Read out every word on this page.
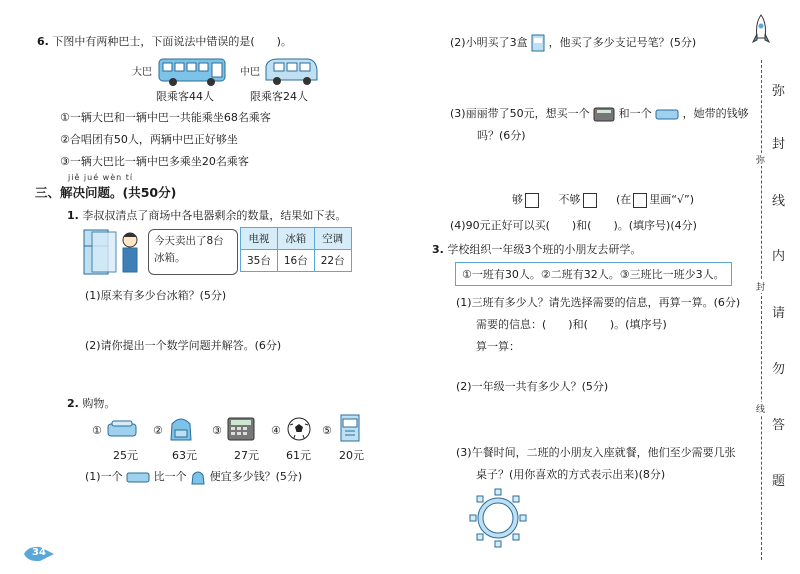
6. 下图中有两种巴士，下面说法中错误的是(　　)。
大巴	中巴
限乘客44人	限乘客24人
①一辆大巴和一辆中巴一共能乘坐68名乘客
②合唱团有50人，两辆中巴正好够坐
③一辆大巴比一辆中巴多乘坐20名乘客
jiě jué wèn tí
三、解决问题。(共50分)
1. 李叔叔清点了商场中各电器剩余的数量，结果如下表。
今天卖出了8台冰箱。
电视	冰箱	空调
35台	16台	22台
(1)原来有多少台冰箱？(5分)
(2)请你提出一个数学问题并解答。(6分)
2. 购物。
①
25元
②
63元
③
27元
④
61元
⑤
20元
(1)一个	比一个 便宜多少钱？(5分)
34
(2)小明买了3盒 ，他买了多少支记号笔？(5分)
(3)丽丽带了50元，想买一个	和一个	，她带的钱够
吗？(6分)
够	不够	(在 里画“√”)
(4)90元正好可以买(　　)和(　　)。(填序号)(4分)
3. 学校组织一年级3个班的小朋友去研学。
①一班有30人。②二班有32人。③三班比一班少3人。
(1)三班有多少人？请先选择需要的信息，再算一算。(6分)
需要的信息：(　　)和(　　)。(填序号)
算一算：
(2)一年级一共有多少人？(5分)
(3)午餐时间，二班的小朋友入座就餐，他们至少需要几张
桌子？(用你喜欢的方式表示出来)(8分)
弥
封
线
内
请
勿
答
题
弥
封
线
